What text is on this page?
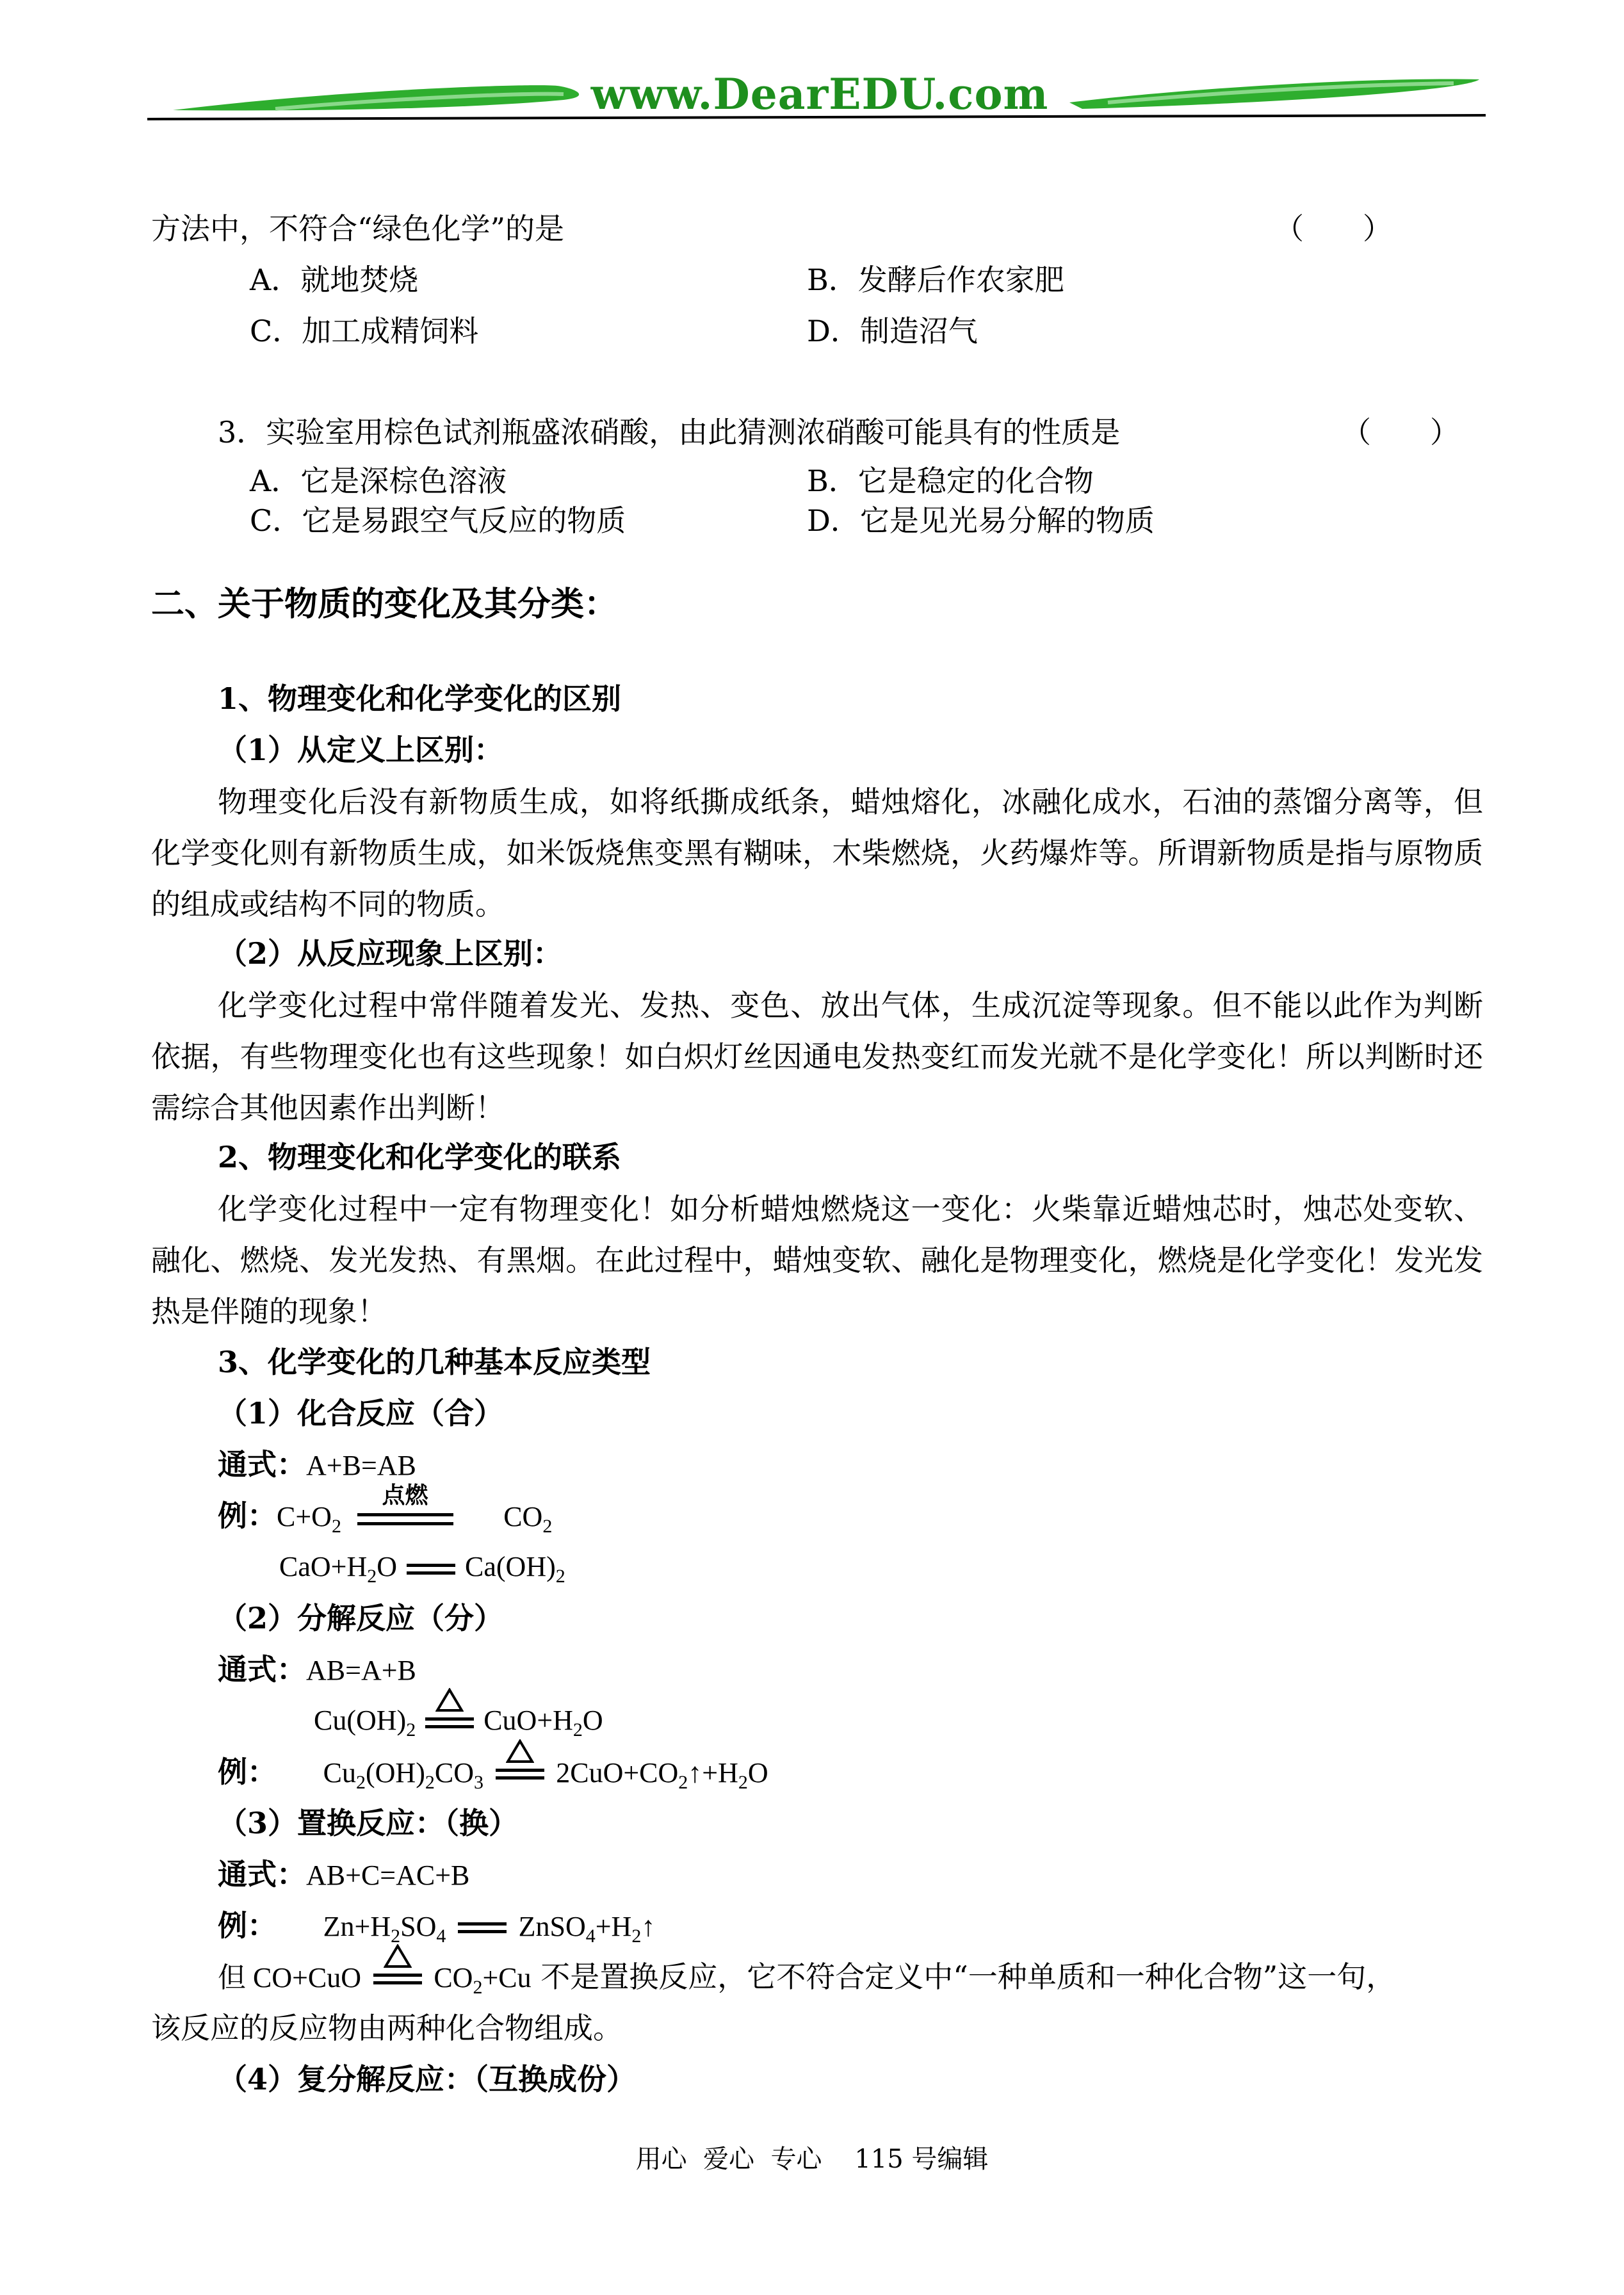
www.DearEDU.com
方法中，不符合“绿色化学”的是	（　　）
A．就地焚烧	B．发酵后作农家肥
C．加工成精饲料	D．制造沼气
3．实验室用棕色试剂瓶盛浓硝酸，由此猜测浓硝酸可能具有的性质是	（　　）
A．它是深棕色溶液	B．它是稳定的化合物
C．它是易跟空气反应的物质	D．它是见光易分解的物质
二、关于物质的变化及其分类：
1、物理变化和化学变化的区别
（1）从定义上区别：
物理变化后没有新物质生成，如将纸撕成纸条，蜡烛熔化，冰融化成水，石油的蒸馏分离等，但化学变化则有新物质生成，如米饭烧焦变黑有糊味，木柴燃烧，火药爆炸等。所谓新物质是指与原物质的组成或结构不同的物质。
（2）从反应现象上区别：
化学变化过程中常伴随着发光、发热、变色、放出气体，生成沉淀等现象。但不能以此作为判断依据，有些物理变化也有这些现象！如白炽灯丝因通电发热变红而发光就不是化学变化！所以判断时还需综合其他因素作出判断！
2、物理变化和化学变化的联系
化学变化过程中一定有物理变化！如分析蜡烛燃烧这一变化：火柴靠近蜡烛芯时，烛芯处变软、融化、燃烧、发光发热、有黑烟。在此过程中，蜡烛变软、融化是物理变化，燃烧是化学变化！发光发热是伴随的现象！
3、化学变化的几种基本反应类型
（1）化合反应（合）
通式：A+B=AB
例：$C+O_2$
点燃
$CO_2$
$CaO+H_2O$ $Ca(OH)_2$
（2）分解反应（分）
通式：AB=A+B
$Cu(OH)_2$ $CuO+H_2O$
例： $Cu_2(OH)_2CO_3$	$2CuO+CO_2↑+H_2O$
（3）置换反应：（换）
通式：AB+C=AC+B
例： $Zn+H_2SO_4$	$ZnSO_4+H_2↑$
但 CO+CuO	$CO_2+Cu$ 不是置换反应，它不符合定义中“一种单质和一种化合物”这一句，
该反应的反应物由两种化合物组成。
（4）复分解反应：（互换成份）
用心  爱心  专心    115 号编辑
